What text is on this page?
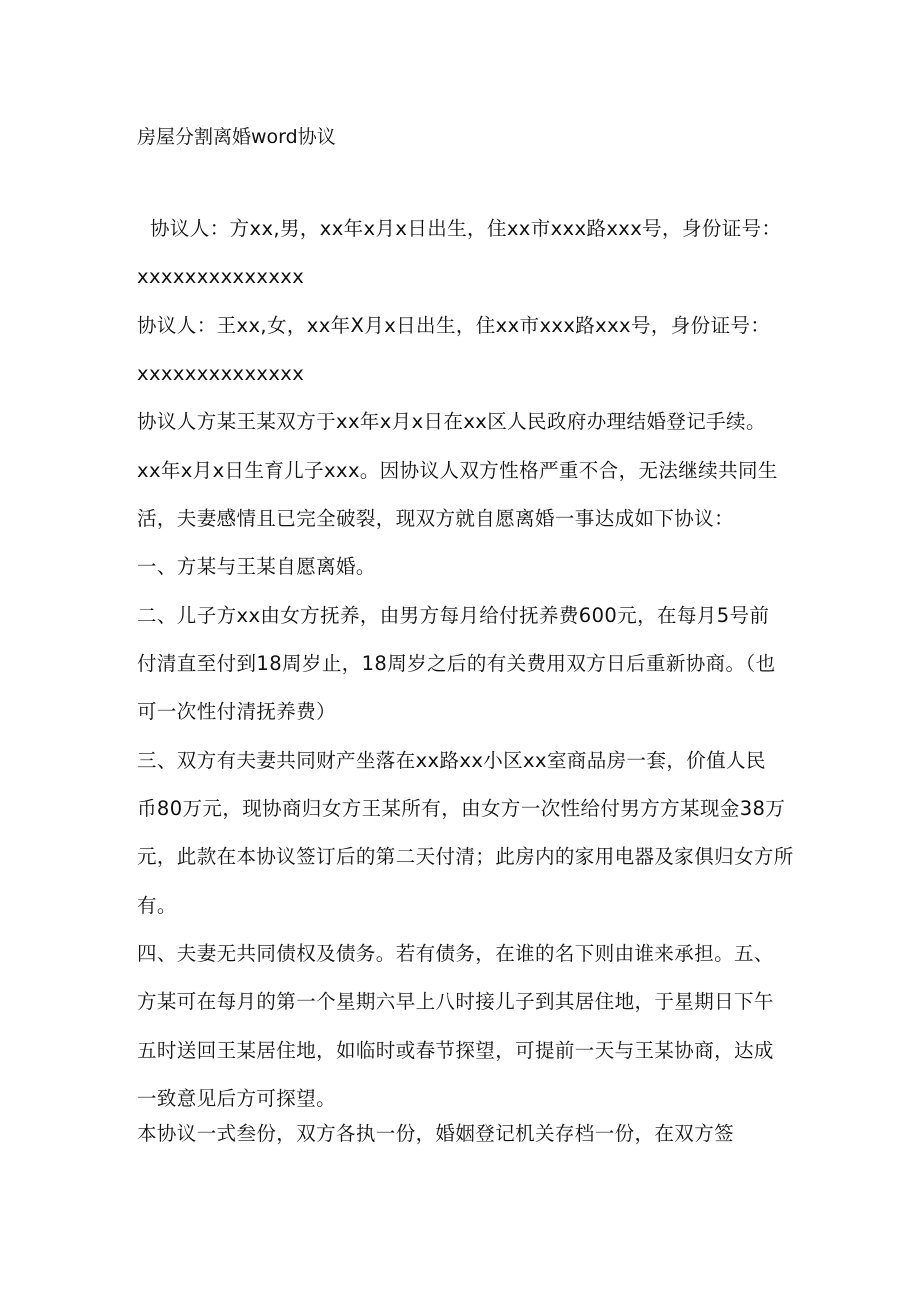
房屋分割离婚word协议
协议人：方xx,男，xx年x月x日出生，住xx市xxx路xxx号，身份证号：
xxxxxxxxxxxxxx
协议人：王xx,女，xx年X月x日出生，住xx市xxx路xxx号，身份证号：
xxxxxxxxxxxxxx
协议人方某王某双方于xx年x月x日在xx区人民政府办理结婚登记手续。
xx年x月x日生育儿子xxx。因协议人双方性格严重不合，无法继续共同生
活，夫妻感情且已完全破裂，现双方就自愿离婚一事达成如下协议：
一、方某与王某自愿离婚。
二、儿子方xx由女方抚养，由男方每月给付抚养费600元，在每月5号前
付清直至付到18周岁止，18周岁之后的有关费用双方日后重新协商。（也
可一次性付清抚养费）
三、双方有夫妻共同财产坐落在xx路xx小区xx室商品房一套，价值人民
币80万元，现协商归女方王某所有，由女方一次性给付男方方某现金38万
元，此款在本协议签订后的第二天付清；此房内的家用电器及家俱归女方所
有。
四、夫妻无共同债权及债务。若有债务，在谁的名下则由谁来承担。五、
方某可在每月的第一个星期六早上八时接儿子到其居住地，于星期日下午
五时送回王某居住地，如临时或春节探望，可提前一天与王某协商，达成
一致意见后方可探望。
本协议一式叁份，双方各执一份，婚姻登记机关存档一份，在双方签
